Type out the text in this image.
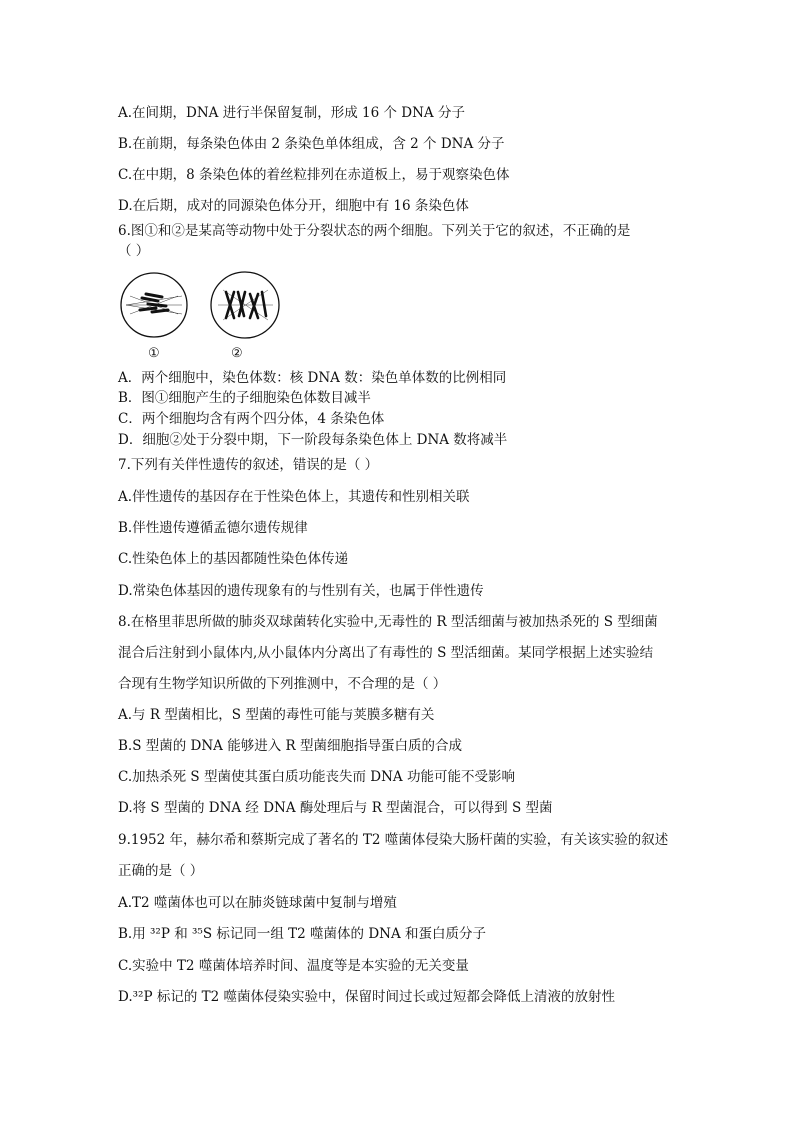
A.在间期，DNA 进行半保留复制，形成 16 个 DNA 分子
B.在前期，每条染色体由 2 条染色单体组成，含 2 个 DNA 分子
C.在中期，8 条染色体的着丝粒排列在赤道板上，易于观察染色体
D.在后期，成对的同源染色体分开，细胞中有 16 条染色体
6.图①和②是某高等动物中处于分裂状态的两个细胞。下列关于它的叙述，不正确的是
（ ）
①	②
A．两个细胞中，染色体数：核 DNA 数：染色单体数的比例相同
B．图①细胞产生的子细胞染色体数目减半
C．两个细胞均含有两个四分体，4 条染色体
D．细胞②处于分裂中期，下一阶段每条染色体上 DNA 数将减半
7.下列有关伴性遗传的叙述，错误的是（ ）
A.伴性遗传的基因存在于性染色体上，其遗传和性别相关联
B.伴性遗传遵循孟德尔遗传规律
C.性染色体上的基因都随性染色体传递
D.常染色体基因的遗传现象有的与性别有关，也属于伴性遗传
8.在格里菲思所做的肺炎双球菌转化实验中,无毒性的 R 型活细菌与被加热杀死的 S 型细菌
混合后注射到小鼠体内,从小鼠体内分离出了有毒性的 S 型活细菌。某同学根据上述实验结
合现有生物学知识所做的下列推测中，不合理的是（ ）
A.与 R 型菌相比，S 型菌的毒性可能与荚膜多糖有关
B.S 型菌的 DNA 能够进入 R 型菌细胞指导蛋白质的合成
C.加热杀死 S 型菌使其蛋白质功能丧失而 DNA 功能可能不受影响
D.将 S 型菌的 DNA 经 DNA 酶处理后与 R 型菌混合，可以得到 S 型菌
9.1952 年，赫尔希和蔡斯完成了著名的 T2 噬菌体侵染大肠杆菌的实验，有关该实验的叙述
正确的是（ ）
A.T2 噬菌体也可以在肺炎链球菌中复制与增殖
B.用 ³²P 和 ³⁵S 标记同一组 T2 噬菌体的 DNA 和蛋白质分子
C.实验中 T2 噬菌体培养时间、温度等是本实验的无关变量
D.³²P 标记的 T2 噬菌体侵染实验中，保留时间过长或过短都会降低上清液的放射性
